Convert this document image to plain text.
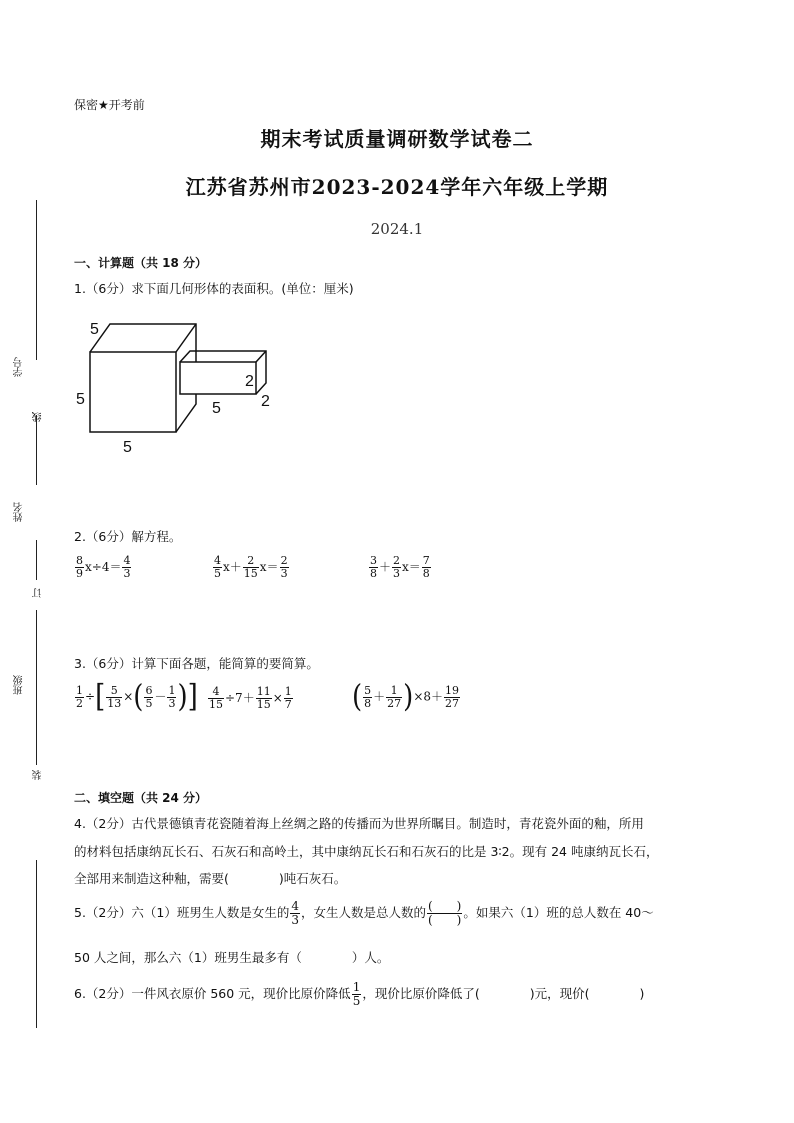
学号
线
姓名
订
班级
装
保密★开考前
期末考试质量调研数学试卷二
江苏省苏州市2023-2024学年六年级上学期
2024.1
一、计算题（共 18 分）
1.（6分）求下面几何形体的表面积。(单位：厘米)
5
5
5
2
5	2
2.（6分）解方程。
$\frac{8}{9} x\div 4= \frac{4}{3}$	$\frac{4}{5} x+ \frac{2}{15} x= \frac{2}{3}$	$\frac{3}{8} + \frac{2}{3} x= \frac{7}{8}$
3.（6分）计算下面各题，能简算的要简算。
$\frac{1}{2}$ ÷[ $\frac{5}{13}$ ×( $\frac{6}{5} - \frac{1}{3}$ )] $\frac{4}{15} \div 7+ \frac{11}{15} \times \frac{1}{7}$ ( $\frac{5}{8} + \frac{1}{27} )\times 8+ \frac{19}{27}$
二、填空题（共 24 分）
4.（2分）古代景德镇青花瓷随着海上丝绸之路的传播而为世界所瞩目。制造时，青花瓷外面的釉，所用
的材料包括康纳瓦长石、石灰石和高岭土，其中康纳瓦长石和石灰石的比是 3∶2。现有 24 吨康纳瓦长石，
全部用来制造这种釉，需要(　　　　)吨石灰石。
5.（2分）六（1）班男生人数是女生的 $\frac{4}{3}$ ，女生人数是总人数的 $\frac{( )}{( )}$ 。如果六（1）班的总人数在 40～
50 人之间，那么六（1）班男生最多有（　　　　）人。
6.（2分）一件风衣原价 560 元，现价比原价降低 $\frac{1}{5}$ ，现价比原价降低了(　　　　)元，现价(　　　　)
